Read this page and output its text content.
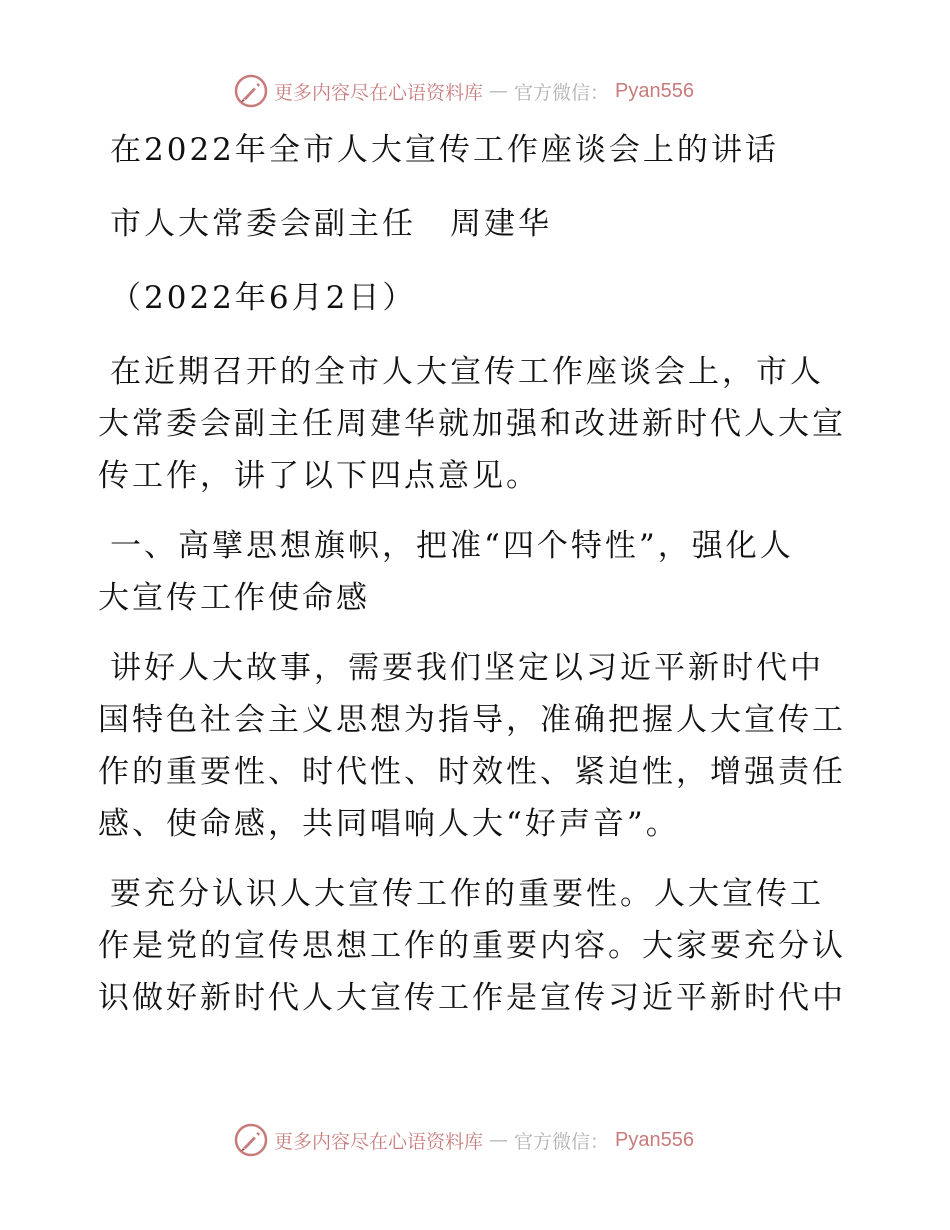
更多内容尽在心语资料库 — 官方微信： Pyan556

在2022年全市人大宣传工作座谈会上的讲话

市人大常委会副主任　周建华

（2022年6月2日）

在近期召开的全市人大宣传工作座谈会上，市人

大常委会副主任周建华就加强和改进新时代人大宣

传工作，讲了以下四点意见。

一、高擘思想旗帜，把准“四个特性”，强化人

大宣传工作使命感

讲好人大故事，需要我们坚定以习近平新时代中

国特色社会主义思想为指导，准确把握人大宣传工

作的重要性、时代性、时效性、紧迫性，增强责任

感、使命感，共同唱响人大“好声音”。

要充分认识人大宣传工作的重要性。人大宣传工

作是党的宣传思想工作的重要内容。大家要充分认

识做好新时代人大宣传工作是宣传习近平新时代中

更多内容尽在心语资料库 — 官方微信： Pyan556
